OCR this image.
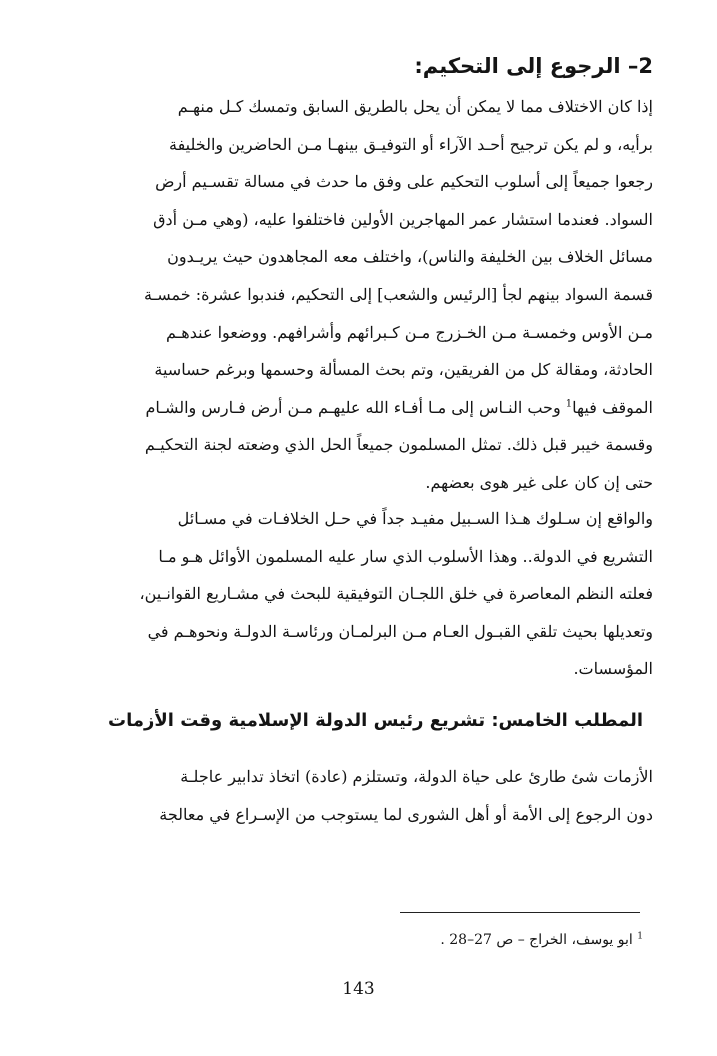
2– الرجوع إلى التحكيم:

إذا كان الاختلاف مما لا يمكن أن يحل بالطريق السابق وتمسك كـل منهـم
برأيه، و لم يكن ترجيح أحـد الآراء أو التوفيـق بينهـا مـن الحاضرين والخليفة
رجعوا جميعاً إلى أسلوب التحكيم على وفق ما حدث في مسالة تقسـيم أرض
السواد. فعندما استشار عمر المهاجرين الأولين فاختلفوا عليه، (وهي مـن أدق
مسائل الخلاف بين الخليفة والناس)، واختلف معه المجاهدون حيث يريـدون
قسمة السواد بينهم لجأ [الرئيس والشعب] إلى التحكيم، فندبوا عشرة: خمسـة
مـن الأوس وخمسـة مـن الخـزرج مـن كـبرائهم وأشرافهم. ووضعوا عندهـم
الحادثة، ومقالة كل من الفريقين، وتم بحث المسألة وحسمها وبرغم حساسية
الموقف فيها$^1$ وحب النـاس إلى مـا أفـاء الله عليهـم مـن أرض فـارس والشـام
وقسمة خيبر قبل ذلك. تمثل المسلمون جميعاً الحل الذي وضعته لجنة التحكيـم
حتى إن كان على غير هوى بعضهم.

والواقع إن سـلوك هـذا السـبيل مفيـد جداً في حـل الخلافـات في مسـائل
التشريع في الدولة.. وهذا الأسلوب الذي سار عليه المسلمون الأوائل هـو مـا
فعلته النظم المعاصرة في خلق اللجـان التوفيقية للبحث في مشـاريع القوانـين،
وتعديلها بحيث تلقي القبـول العـام مـن البرلمـان ورئاسـة الدولـة ونحوهـم في
المؤسسات.

المطلب الخامس: تشريع رئيس الدولة الإسلامية وقت الأزمات

الأزمات شئ طارئ على حياة الدولة، وتستلزم (عادة) اتخاذ تدابير عاجلـة
دون الرجوع إلى الأمة أو أهل الشورى لما يستوجب من الإسـراع في معالجة

$^1$ ابو يوسف، الخراج – ص 27–28 .

143
